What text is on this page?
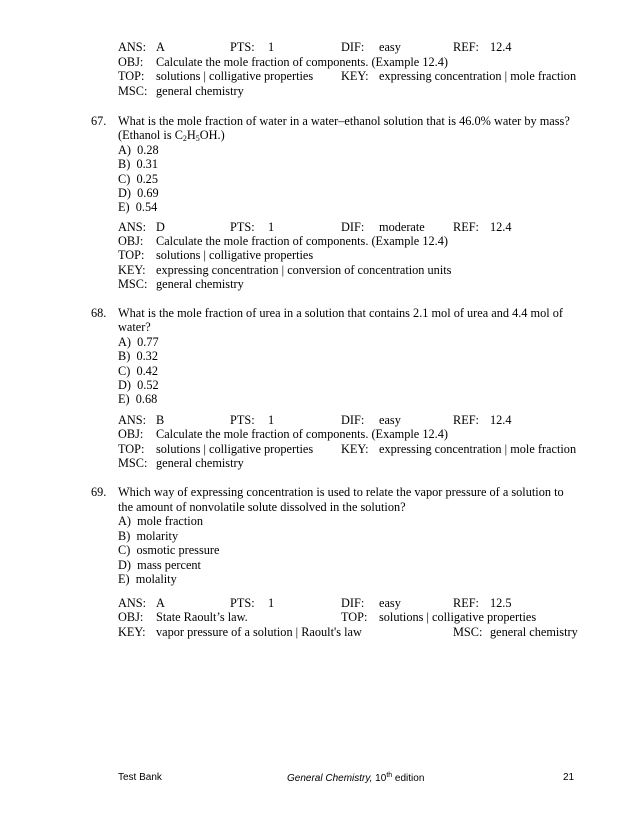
ANS: A	PTS: 1	DIF: easy	REF: 12.4
OBJ: Calculate the mole fraction of components. (Example 12.4)
TOP: solutions | colligative properties KEY: expressing concentration | mole fraction
MSC: general chemistry
67. What is the mole fraction of water in a water–ethanol solution that is 46.0% water by mass?
(Ethanol is C2H5OH.)
A)  0.28
B)  0.31
C)  0.25
D)  0.69
E)  0.54
ANS: D	PTS: 1	DIF: moderate REF: 12.4
OBJ: Calculate the mole fraction of components. (Example 12.4)
TOP: solutions | colligative properties
KEY: expressing concentration | conversion of concentration units
MSC: general chemistry
68. What is the mole fraction of urea in a solution that contains 2.1 mol of urea and 4.4 mol of
water?
A)  0.77
B)  0.32
C)  0.42
D)  0.52
E)  0.68
ANS: B	PTS: 1	DIF: easy	REF: 12.4
OBJ: Calculate the mole fraction of components. (Example 12.4)
TOP: solutions | colligative properties KEY: expressing concentration | mole fraction
MSC: general chemistry
69. Which way of expressing concentration is used to relate the vapor pressure of a solution to
the amount of nonvolatile solute dissolved in the solution?
A)  mole fraction
B)  molarity
C)  osmotic pressure
D)  mass percent
E)  molality
ANS: A	PTS: 1	DIF: easy	REF: 12.5
OBJ: State Raoult’s law.	TOP: solutions | colligative properties
KEY: vapor pressure of a solution | Raoult's law	MSC: general chemistry
Test Bank	General Chemistry, 10th edition	21
